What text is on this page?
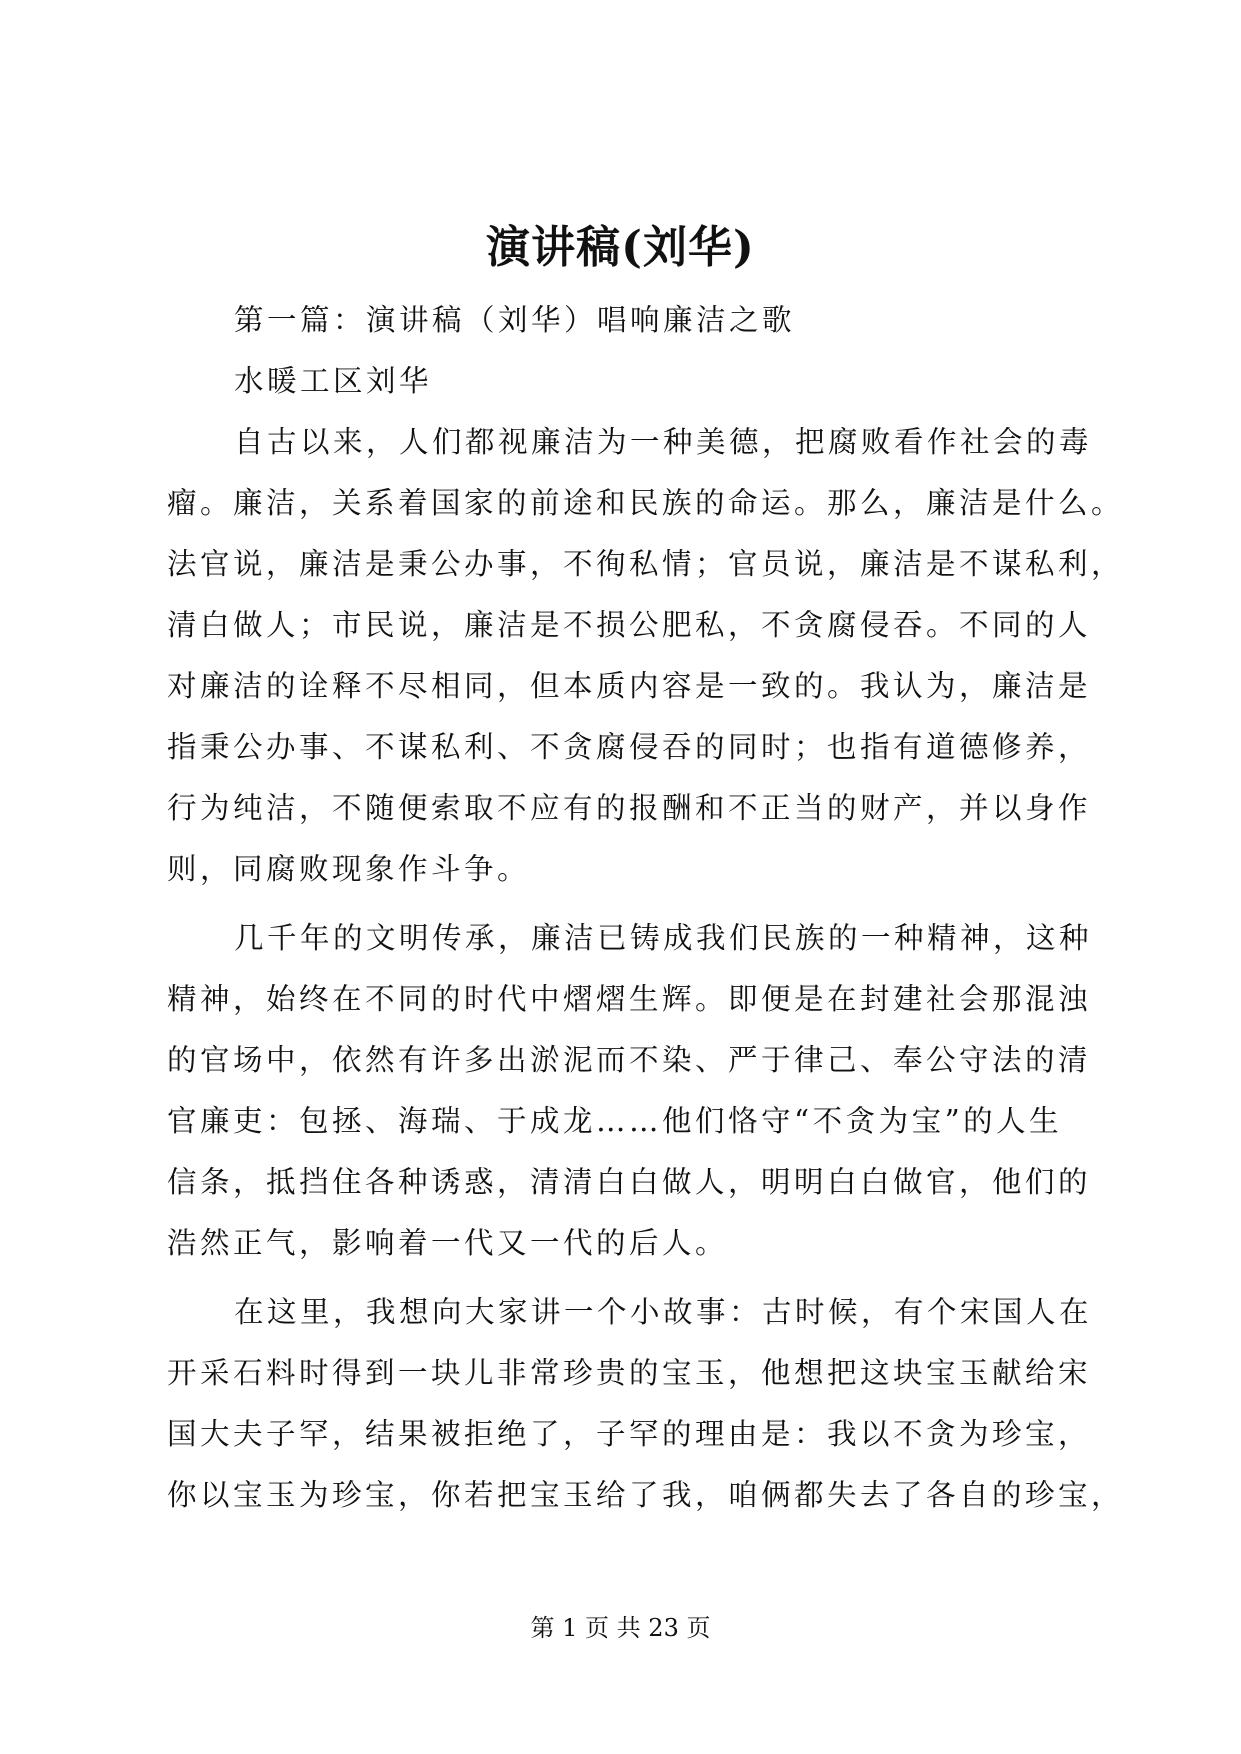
演讲稿(刘华)
第一篇：演讲稿（刘华）唱响廉洁之歌
水暖工区刘华
自古以来，人们都视廉洁为一种美德，把腐败看作社会的毒
瘤。廉洁，关系着国家的前途和民族的命运。那么，廉洁是什么。
法官说，廉洁是秉公办事，不徇私情；官员说，廉洁是不谋私利，
清白做人；市民说，廉洁是不损公肥私，不贪腐侵吞。不同的人
对廉洁的诠释不尽相同，但本质内容是一致的。我认为，廉洁是
指秉公办事、不谋私利、不贪腐侵吞的同时；也指有道德修养，
行为纯洁，不随便索取不应有的报酬和不正当的财产，并以身作
则，同腐败现象作斗争。
几千年的文明传承，廉洁已铸成我们民族的一种精神，这种
精神，始终在不同的时代中熠熠生辉。即便是在封建社会那混浊
的官场中，依然有许多出淤泥而不染、严于律己、奉公守法的清
官廉吏：包拯、海瑞、于成龙……他们恪守“不贪为宝”的人生
信条，抵挡住各种诱惑，清清白白做人，明明白白做官，他们的
浩然正气，影响着一代又一代的后人。
在这里，我想向大家讲一个小故事：古时候，有个宋国人在
开采石料时得到一块儿非常珍贵的宝玉，他想把这块宝玉献给宋
国大夫子罕，结果被拒绝了，子罕的理由是：我以不贪为珍宝，
你以宝玉为珍宝，你若把宝玉给了我，咱俩都失去了各自的珍宝，
第 1 页 共 23 页
